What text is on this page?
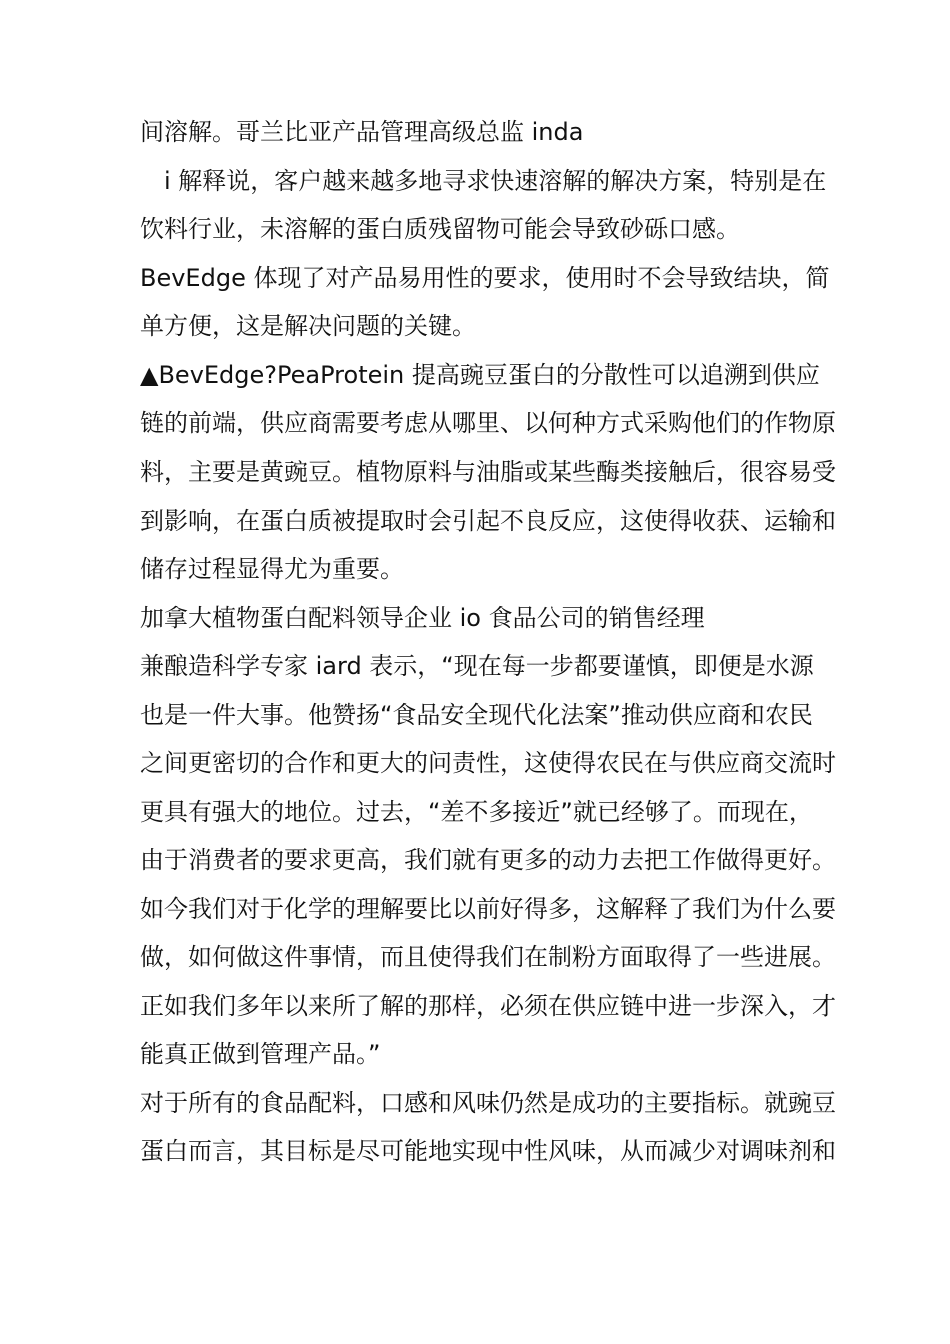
间溶解。哥兰比亚产品管理高级总监 inda
　i 解释说，客户越来越多地寻求快速溶解的解决方案，特别是在
饮料行业，未溶解的蛋白质残留物可能会导致砂砾口感。
BevEdge 体现了对产品易用性的要求，使用时不会导致结块，简
单方便，这是解决问题的关键。
▲BevEdge?PeaProtein 提高豌豆蛋白的分散性可以追溯到供应
链的前端，供应商需要考虑从哪里、以何种方式采购他们的作物原
料，主要是黄豌豆。植物原料与油脂或某些酶类接触后，很容易受
到影响，在蛋白质被提取时会引起不良反应，这使得收获、运输和
储存过程显得尤为重要。
加拿大植物蛋白配料领导企业 io 食品公司的销售经理
兼酿造科学专家 iard 表示，“现在每一步都要谨慎，即便是水源
也是一件大事。他赞扬“食品安全现代化法案”推动供应商和农民
之间更密切的合作和更大的问责性，这使得农民在与供应商交流时
更具有强大的地位。过去，“差不多接近”就已经够了。而现在，
由于消费者的要求更高，我们就有更多的动力去把工作做得更好。
如今我们对于化学的理解要比以前好得多，这解释了我们为什么要
做，如何做这件事情，而且使得我们在制粉方面取得了一些进展。
正如我们多年以来所了解的那样，必须在供应链中进一步深入，才
能真正做到管理产品。”
对于所有的食品配料，口感和风味仍然是成功的主要指标。就豌豆
蛋白而言，其目标是尽可能地实现中性风味，从而减少对调味剂和
